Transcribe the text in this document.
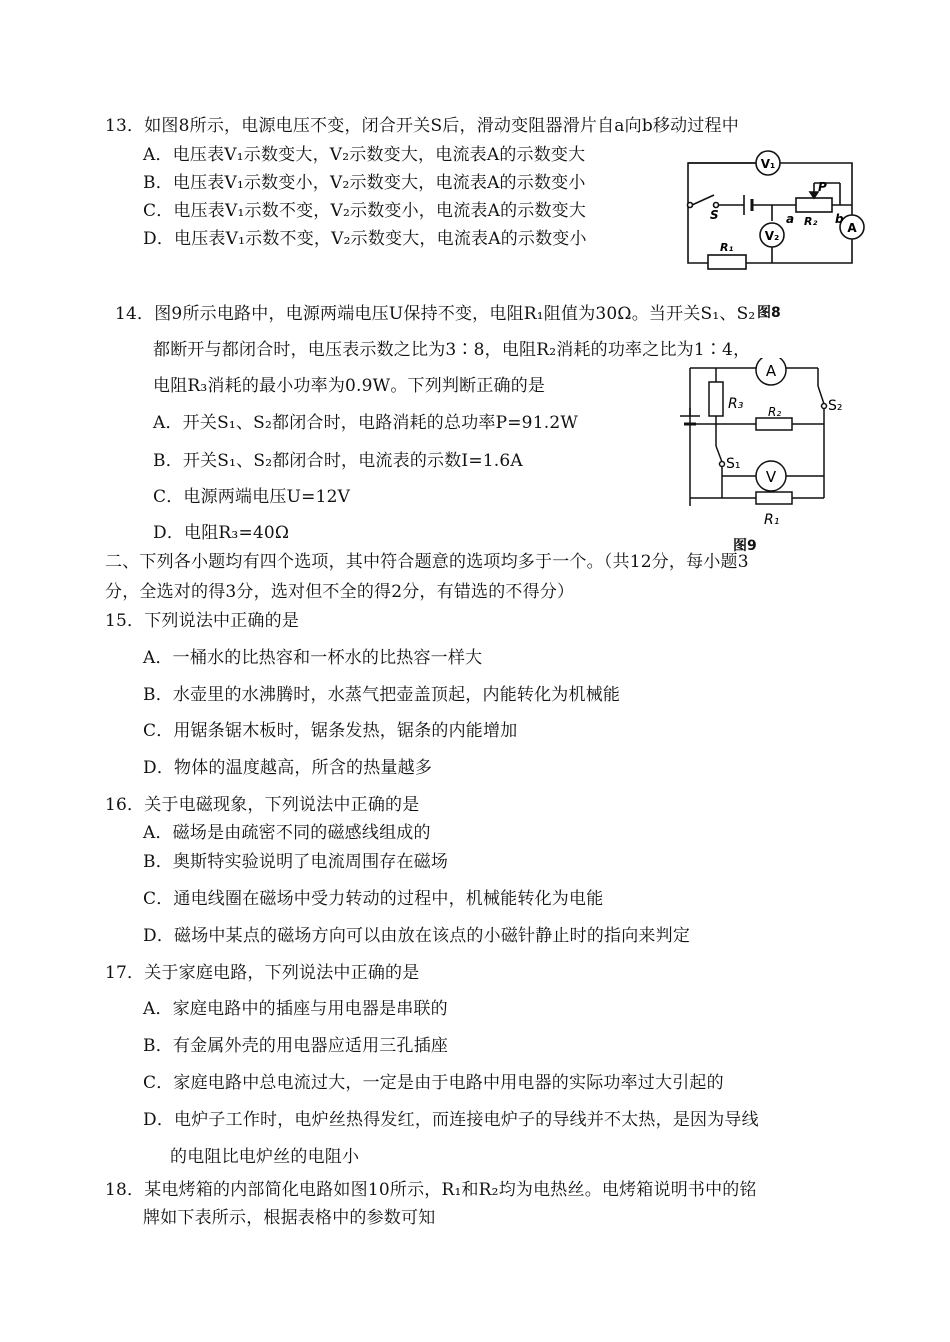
13．如图8所示，电源电压不变，闭合开关S后，滑动变阻器滑片自a向b移动过程中
A．电压表V₁示数变大，V₂示数变大，电流表A的示数变大
B．电压表V₁示数变小，V₂示数变大，电流表A的示数变小
C．电压表V₁示数不变，V₂示数变小，电流表A的示数变大
D．电压表V₁示数不变，V₂示数变大，电流表A的示数变小
V₁
V₂
A
S
P
a	b
R₂
R₁
图8
14．图9所示电路中，电源两端电压U保持不变，电阻R₁阻值为30Ω。当开关S₁、S₂
都断开与都闭合时，电压表示数之比为3∶8，电阻R₂消耗的功率之比为1∶4，
电阻R₃消耗的最小功率为0.9W。下列判断正确的是
A．开关S₁、S₂都闭合时，电路消耗的总功率P=91.2W
B．开关S₁、S₂都闭合时，电流表的示数I=1.6A
C．电源两端电压U=12V
D．电阻R₃=40Ω
A
R₃ R₂	S₂
S₁
V
R₁
图9
二、下列各小题均有四个选项，其中符合题意的选项均多于一个。（共12分，每小题3
分，全选对的得3分，选对但不全的得2分，有错选的不得分）
15．下列说法中正确的是
A．一桶水的比热容和一杯水的比热容一样大
B．水壶里的水沸腾时，水蒸气把壶盖顶起，内能转化为机械能
C．用锯条锯木板时，锯条发热，锯条的内能增加
D．物体的温度越高，所含的热量越多
16．关于电磁现象，下列说法中正确的是
A．磁场是由疏密不同的磁感线组成的
B．奥斯特实验说明了电流周围存在磁场
C．通电线圈在磁场中受力转动的过程中，机械能转化为电能
D．磁场中某点的磁场方向可以由放在该点的小磁针静止时的指向来判定
17．关于家庭电路，下列说法中正确的是
A．家庭电路中的插座与用电器是串联的
B．有金属外壳的用电器应适用三孔插座
C．家庭电路中总电流过大，一定是由于电路中用电器的实际功率过大引起的
D．电炉子工作时，电炉丝热得发红，而连接电炉子的导线并不太热，是因为导线
的电阻比电炉丝的电阻小
18．某电烤箱的内部简化电路如图10所示，R₁和R₂均为电热丝。电烤箱说明书中的铭
牌如下表所示，根据表格中的参数可知
